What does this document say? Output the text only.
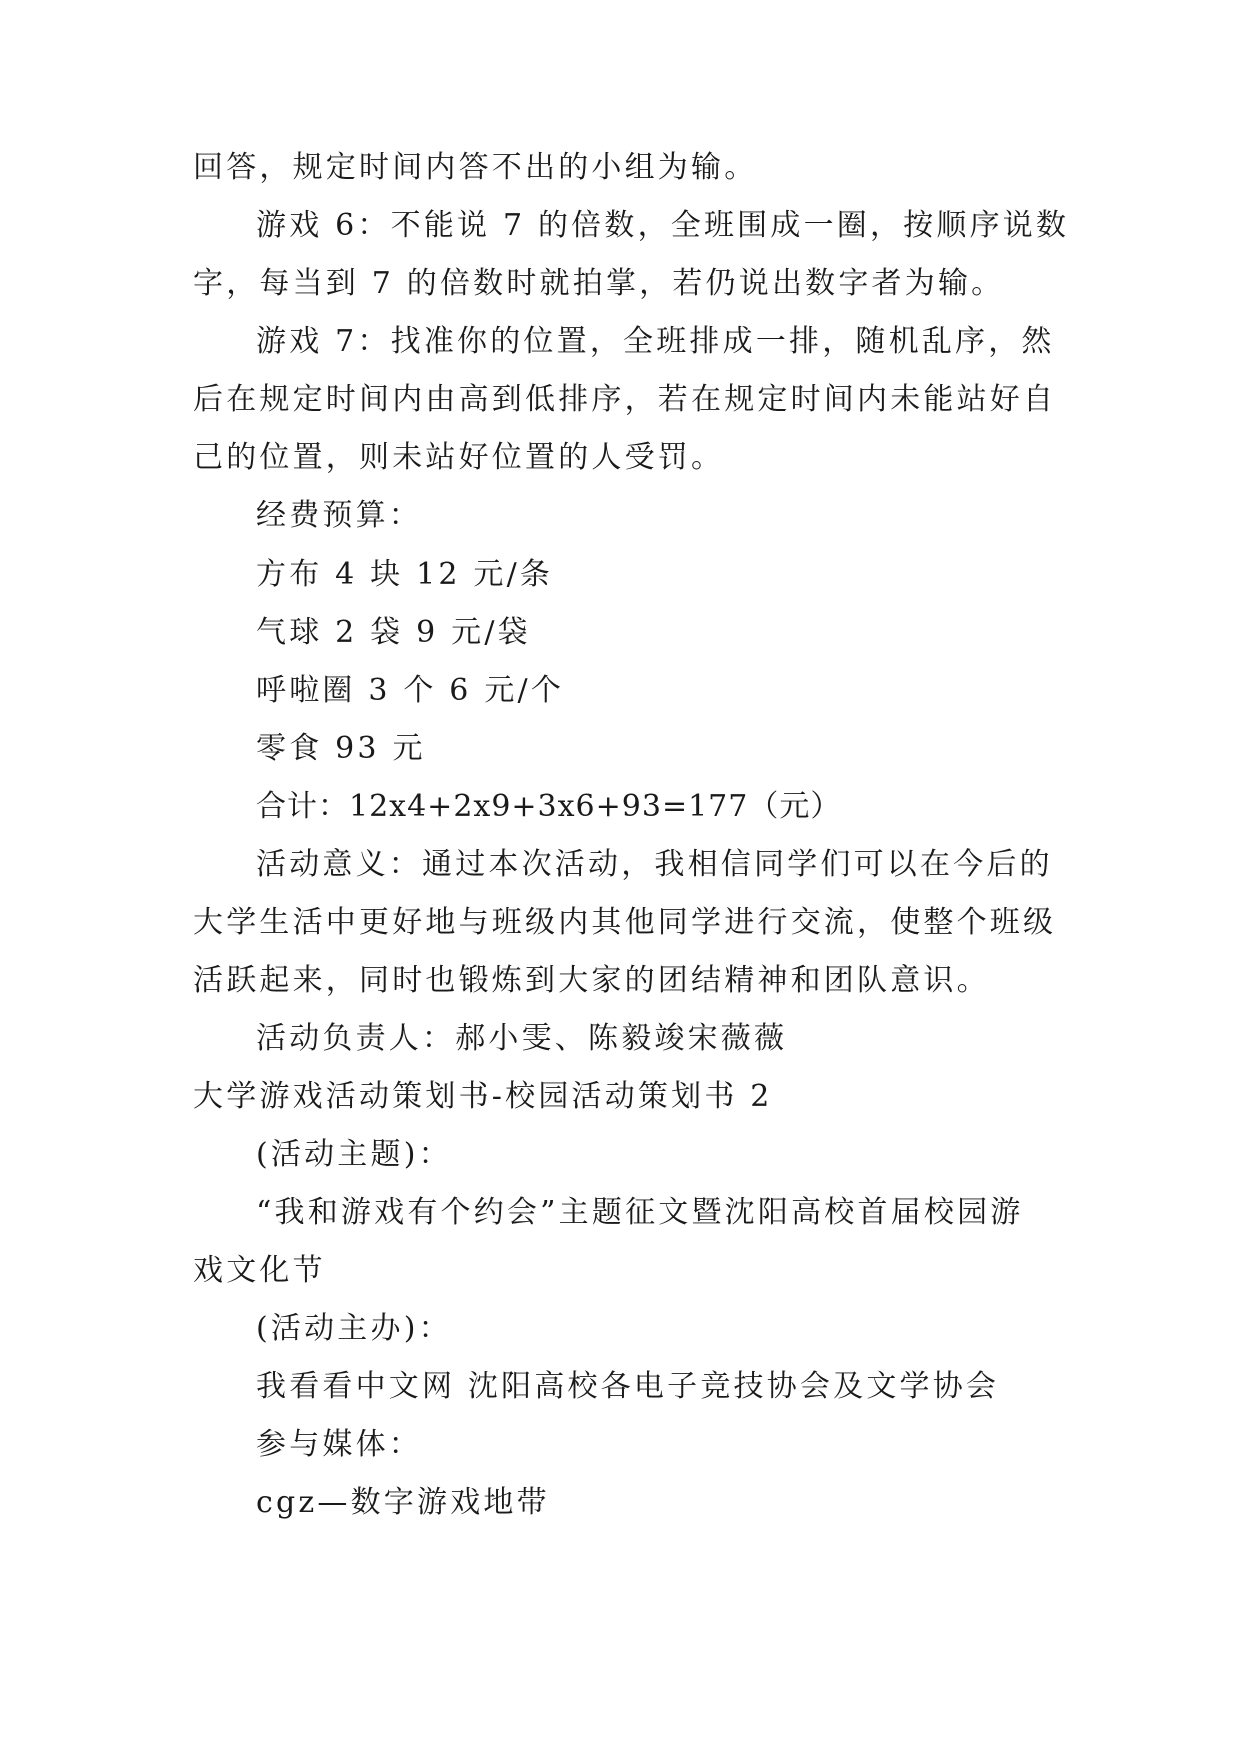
回答，规定时间内答不出的小组为输。
游戏 6：不能说 7 的倍数，全班围成一圈，按顺序说数
字，每当到 7 的倍数时就拍掌，若仍说出数字者为输。
游戏 7：找准你的位置，全班排成一排，随机乱序，然
后在规定时间内由高到低排序，若在规定时间内未能站好自
己的位置，则未站好位置的人受罚。
经费预算：
方布 4 块 12 元/条
气球 2 袋 9 元/袋
呼啦圈 3 个 6 元/个
零食 93 元
合计：12x4+2x9+3x6+93=177（元）
活动意义：通过本次活动，我相信同学们可以在今后的
大学生活中更好地与班级内其他同学进行交流，使整个班级
活跃起来，同时也锻炼到大家的团结精神和团队意识。
活动负责人：郝小雯、陈毅竣宋薇薇
大学游戏活动策划书-校园活动策划书 2
(活动主题)：
“我和游戏有个约会”主题征文暨沈阳高校首届校园游
戏文化节
(活动主办)：
我看看中文网 沈阳高校各电子竞技协会及文学协会
参与媒体：
cgz—数字游戏地带
